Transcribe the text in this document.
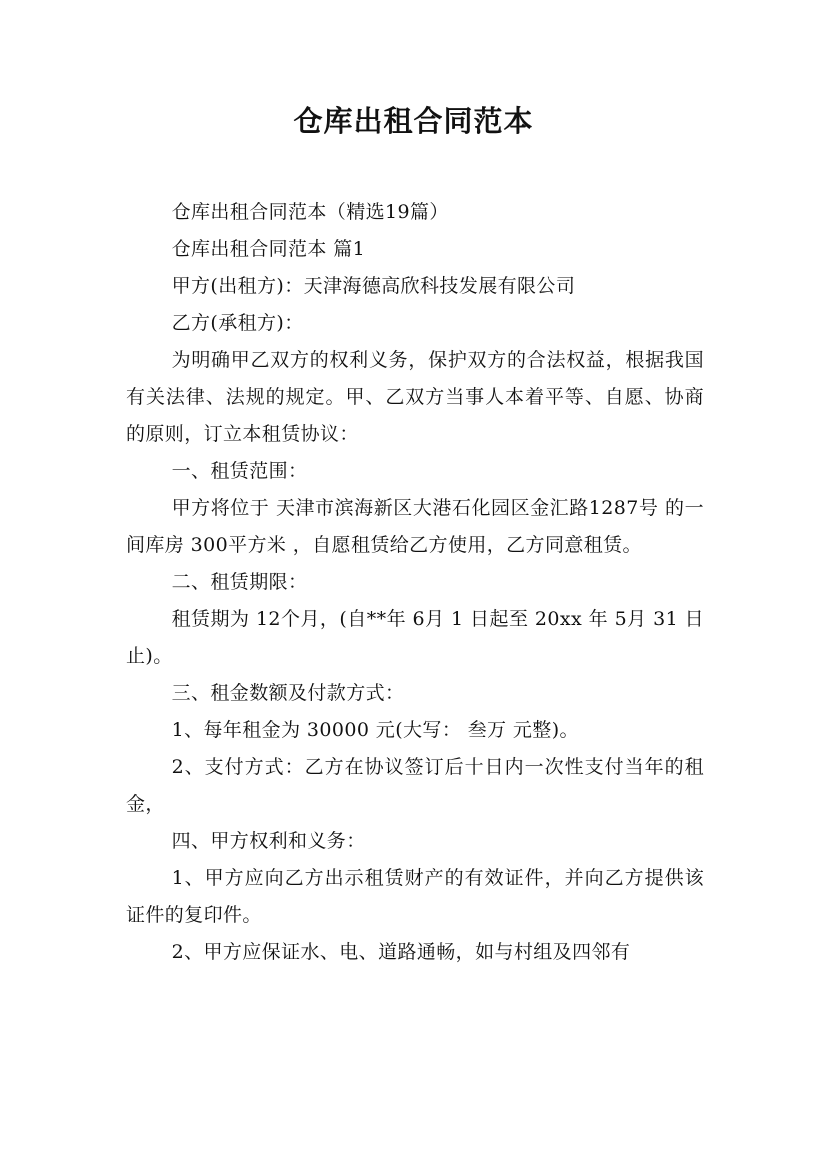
仓库出租合同范本

仓库出租合同范本（精选19篇）

仓库出租合同范本 篇1

甲方(出租方)：天津海德高欣科技发展有限公司

乙方(承租方)：

为明确甲乙双方的权利义务，保护双方的合法权益，根据我国有关法律、法规的规定。甲、乙双方当事人本着平等、自愿、协商的原则，订立本租赁协议：

一、租赁范围：

甲方将位于 天津市滨海新区大港石化园区金汇路1287号 的一间库房 300平方米 ，自愿租赁给乙方使用，乙方同意租赁。

二、租赁期限：

租赁期为 12个月，(自**年 6月 1 日起至 20xx 年 5月 31 日止)。

三、租金数额及付款方式：

1、每年租金为 30000 元(大写： 叁万 元整)。

2、支付方式：乙方在协议签订后十日内一次性支付当年的租金，

四、甲方权利和义务：

1、甲方应向乙方出示租赁财产的有效证件，并向乙方提供该证件的复印件。

2、甲方应保证水、电、道路通畅，如与村组及四邻有
